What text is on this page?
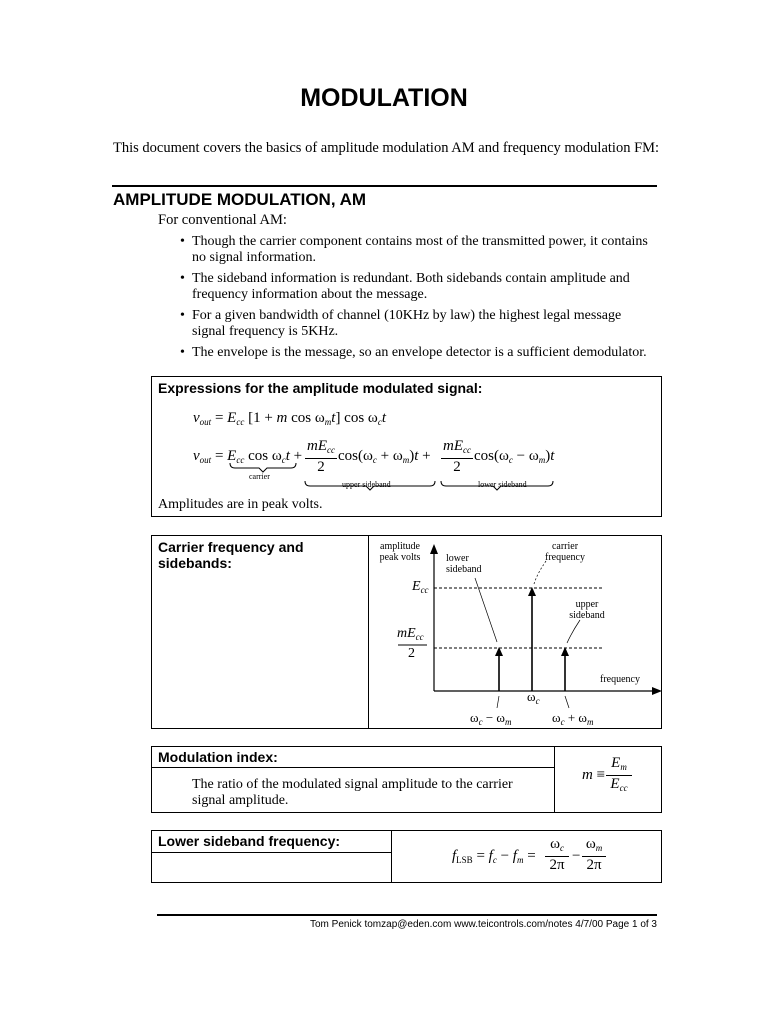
MODULATION
This document covers the basics of amplitude modulation AM and frequency modulation FM:
AMPLITUDE MODULATION, AM
For conventional AM:
• Though the carrier component contains most of the transmitted power, it contains no signal information.
• The sideband information is redundant. Both sidebands contain amplitude and frequency information about the message.
• For a given bandwidth of channel (10KHz by law) the highest legal message signal frequency is 5KHz.
• The envelope is the message, so an envelope detector is a sufficient demodulator.
Expressions for the amplitude modulated signal:
$v_{out} = E_{cc}$ [1 + m $\cos \omega_mt$] $\cos \omega_ct$
$v_{out} = E_{cc}$ $\cos \omega_ct$ +
$mE_{cc}$
2
$\cos(\omega_c + \omega_m)t$ +
$mE_{cc}$
2
$\cos(\omega_c - \omega_m)t$
carrier
upper sideband	lower sideband
Amplitudes are in peak volts.
Carrier frequency and sidebands:
amplitude
peak volts	lower
sideband
carrier
frequency
upper
sideband
frequency
$E_{cc}$
$mE_{cc}$
2
$\omega_c$
$\omega_c - \omega_m$	$\omega_c + \omega_m$
Modulation index:
The ratio of the modulated signal amplitude to the carrier signal amplitude.
m ≡
$E_m$
$E_{cc}$
Lower sideband frequency:
$f_{LSB} = f_c - f_m = \frac{\omega_c}{2\pi} - \frac{\omega_m}{2\pi}$
Tom Penick tomzap@eden.com www.teicontrols.com/notes 4/7/00 Page 1 of 3
